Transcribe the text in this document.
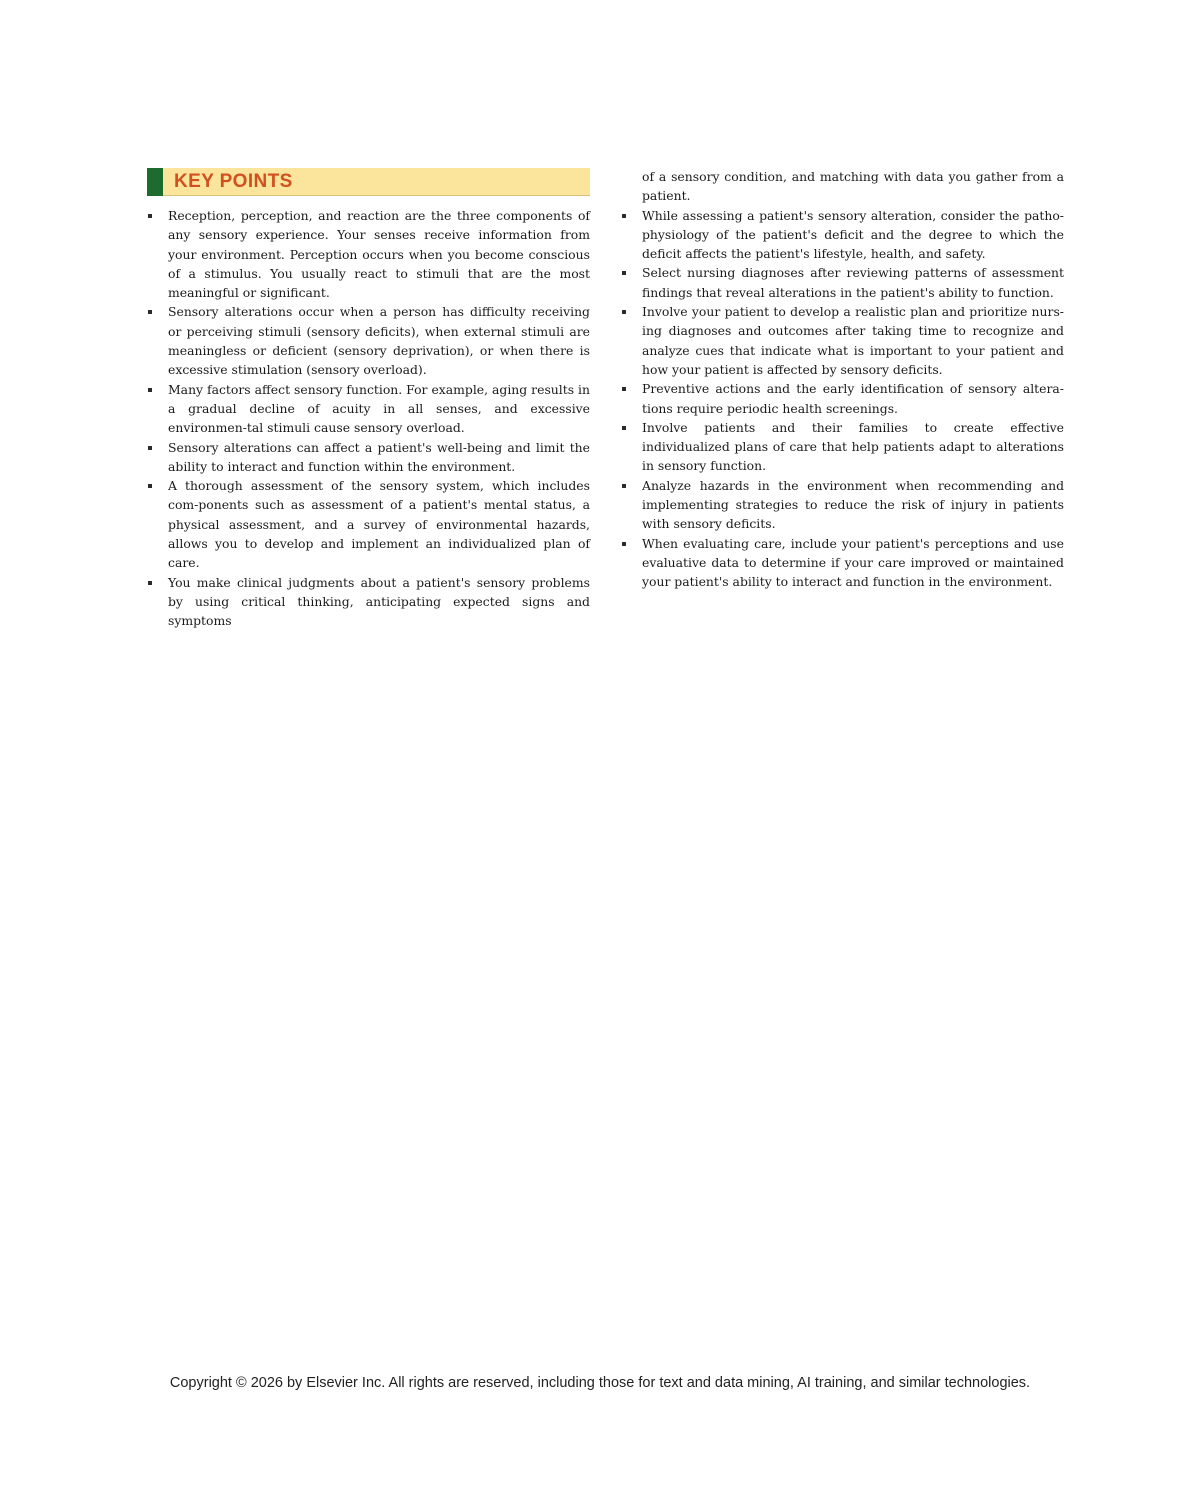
KEY POINTS
Reception, perception, and reaction are the three components of any sensory experience. Your senses receive information from your environment. Perception occurs when you become conscious of a stimulus. You usually react to stimuli that are the most meaningful or significant.
Sensory alterations occur when a person has difficulty receiving or perceiving stimuli (sensory deficits), when external stimuli are meaningless or deficient (sensory deprivation), or when there is excessive stimulation (sensory overload).
Many factors affect sensory function. For example, aging results in a gradual decline of acuity in all senses, and excessive environmen-tal stimuli cause sensory overload.
Sensory alterations can affect a patient's well-being and limit the ability to interact and function within the environment.
A thorough assessment of the sensory system, which includes com-ponents such as assessment of a patient's mental status, a physical assessment, and a survey of environmental hazards, allows you to develop and implement an individualized plan of care.
You make clinical judgments about a patient's sensory problems by using critical thinking, anticipating expected signs and symptoms
of a sensory condition, and matching with data you gather from a patient.
While assessing a patient's sensory alteration, consider the patho-physiology of the patient's deficit and the degree to which the deficit affects the patient's lifestyle, health, and safety.
Select nursing diagnoses after reviewing patterns of assessment findings that reveal alterations in the patient's ability to function.
Involve your patient to develop a realistic plan and prioritize nurs-ing diagnoses and outcomes after taking time to recognize and analyze cues that indicate what is important to your patient and how your patient is affected by sensory deficits.
Preventive actions and the early identification of sensory altera-tions require periodic health screenings.
Involve patients and their families to create effective individualized plans of care that help patients adapt to alterations in sensory function.
Analyze hazards in the environment when recommending and implementing strategies to reduce the risk of injury in patients with sensory deficits.
When evaluating care, include your patient's perceptions and use evaluative data to determine if your care improved or maintained your patient's ability to interact and function in the environment.
Copyright © 2026 by Elsevier Inc. All rights are reserved, including those for text and data mining, AI training, and similar technologies.
